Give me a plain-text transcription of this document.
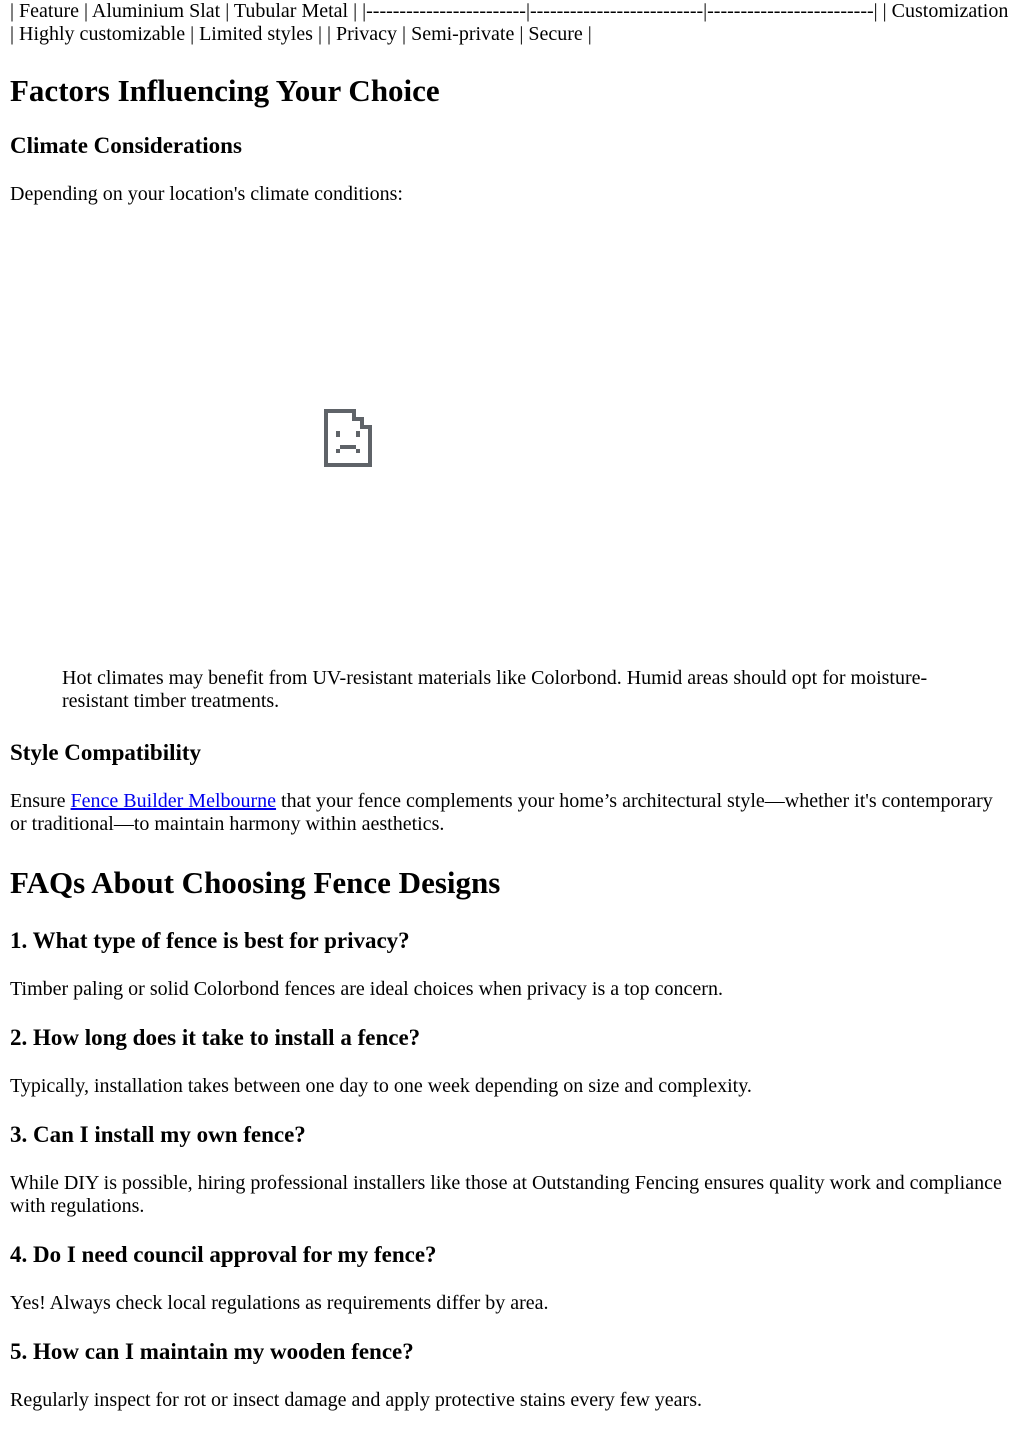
| Feature | Aluminium Slat | Tubular Metal | |------------------------|--------------------------|-------------------------| | Customization | Highly customizable | Limited styles | | Privacy | Semi-private | Secure |

Factors Influencing Your Choice
Climate Considerations

Depending on your location's climate conditions:

Hot climates may benefit from UV-resistant materials like Colorbond. Humid areas should opt for moisture-resistant timber treatments.

Style Compatibility

Ensure Fence Builder Melbourne that your fence complements your home’s architectural style—whether it's contemporary or traditional—to maintain harmony within aesthetics.

FAQs About Choosing Fence Designs
1. What type of fence is best for privacy?

Timber paling or solid Colorbond fences are ideal choices when privacy is a top concern.

2. How long does it take to install a fence?

Typically, installation takes between one day to one week depending on size and complexity.

3. Can I install my own fence?

While DIY is possible, hiring professional installers like those at Outstanding Fencing ensures quality work and compliance with regulations.

4. Do I need council approval for my fence?

Yes! Always check local regulations as requirements differ by area.

5. How can I maintain my wooden fence?

Regularly inspect for rot or insect damage and apply protective stains every few years.
